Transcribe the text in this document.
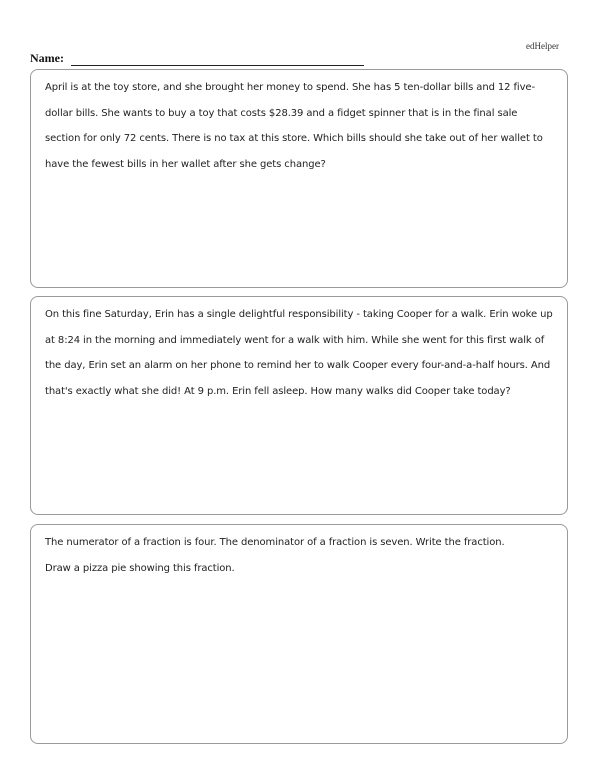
edHelper
Name:

April is at the toy store, and she brought her money to spend. She has 5 ten-dollar bills and 12 five-dollar bills. She wants to buy a toy that costs $28.39 and a fidget spinner that is in the final sale section for only 72 cents. There is no tax at this store. Which bills should she take out of her wallet to have the fewest bills in her wallet after she gets change?

On this fine Saturday, Erin has a single delightful responsibility - taking Cooper for a walk. Erin woke up at 8:24 in the morning and immediately went for a walk with him. While she went for this first walk of the day, Erin set an alarm on her phone to remind her to walk Cooper every four-and-a-half hours. And that's exactly what she did! At 9 p.m. Erin fell asleep. How many walks did Cooper take today?

The numerator of a fraction is four. The denominator of a fraction is seven. Write the fraction.

Draw a pizza pie showing this fraction.
